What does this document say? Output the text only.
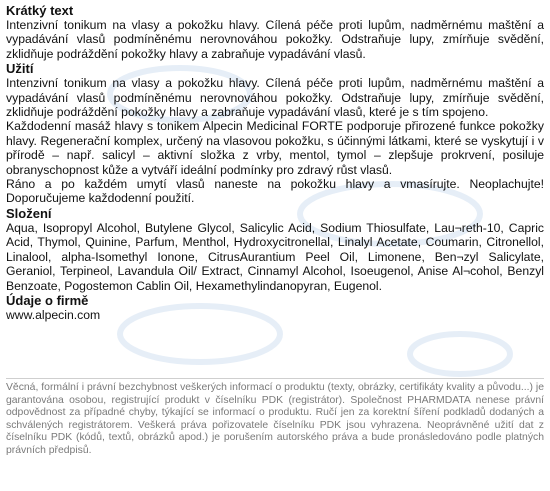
Krátký text

Intenzivní tonikum na vlasy a pokožku hlavy. Cílená péče proti lupům, nadměrnému maštění a vypadávání vlasů podmíněnému nerovnováhou pokožky. Odstraňuje lupy, zmírňuje svědění, zklidňuje podráždění pokožky hlavy a zabraňuje vypadávání vlasů.

Užití

Intenzivní tonikum na vlasy a pokožku hlavy. Cílená péče proti lupům, nadměrnému maštění a vypadávání vlasů podmíněnému nerovnováhou pokožky. Odstraňuje lupy, zmírňuje svědění, zklidňuje podráždění pokožky hlavy a zabraňuje vypadávání vlasů, které je s tím spojeno.

Každodenní masáž hlavy s tonikem Alpecin Medicinal FORTE podporuje přirozené funkce pokožky hlavy. Regenerační komplex, určený na vlasovou pokožku, s účinnými látkami, které se vyskytují i v přírodě – např. salicyl – aktivní složka z vrby, mentol, tymol – zlepšuje prokrvení, posiluje obranyschopnost kůže a vytváří ideální podmínky pro zdravý růst vlasů.

Ráno a po každém umytí vlasů naneste na pokožku hlavy a vmasírujte. Neoplachujte! Doporučujeme každodenní použití.

Složení

Aqua, Isopropyl Alcohol, Butylene Glycol, Salicylic Acid, Sodium Thiosulfate, Lau¬reth-10, Capric Acid, Thymol, Quinine, Parfum, Menthol, Hydroxycitronellal, Linalyl Acetate, Coumarin, Citronellol, Linalool, alpha-Isomethyl Ionone, CitrusAurantium Peel Oil, Limonene, Ben¬zyl Salicylate, Geraniol, Terpineol, Lavandula Oil/ Extract, Cinnamyl Alcohol, Isoeugenol, Anise Al¬cohol, Benzyl Benzoate, Pogostemon Cablin Oil, Hexamethylindanopyran, Eugenol.

Údaje o firmě

www.alpecin.com

Věcná, formální i právní bezchybnost veškerých informací o produktu (texty, obrázky, certifikáty kvality a původu...) je garantována osobou, registrující produkt v číselníku PDK (registrátor). Společnost PHARMDATA nenese právní odpovědnost za případné chyby, týkající se informací o produktu. Ručí jen za korektní šíření podkladů dodaných a schválených registrátorem. Veškerá práva pořizovatele číselníku PDK jsou vyhrazena. Neoprávněné užití dat z číselníku PDK (kódů, textů, obrázků apod.) je porušením autorského práva a bude pronásledováno podle platných právních předpisů.
